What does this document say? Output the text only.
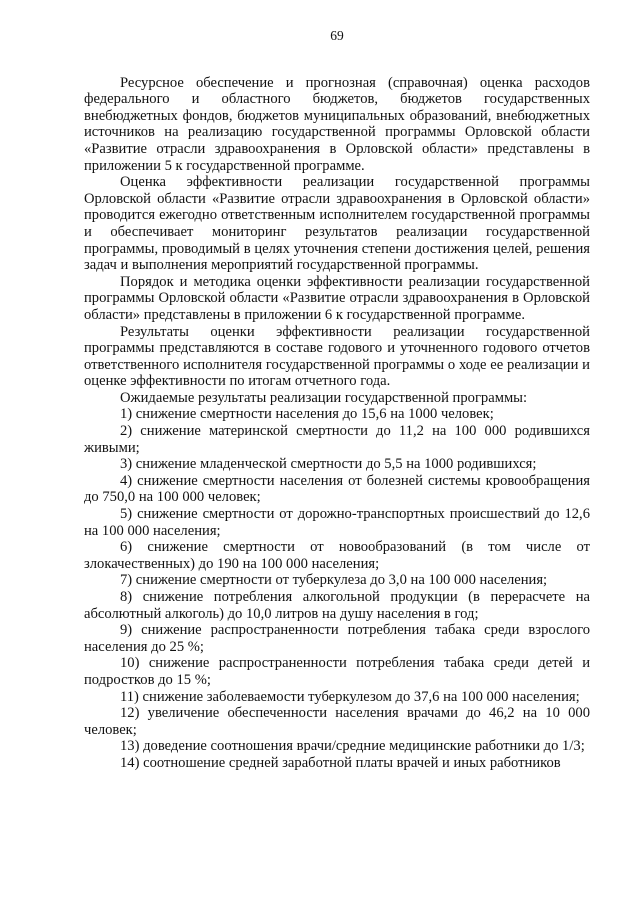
69

Ресурсное обеспечение и прогнозная (справочная) оценка расходов федерального и областного бюджетов, бюджетов государственных внебюджетных фондов, бюджетов муниципальных образований, внебюджетных источников на реализацию государственной программы Орловской области «Развитие отрасли здравоохранения в Орловской области» представлены в приложении 5 к государственной программе.

Оценка эффективности реализации государственной программы Орловской области «Развитие отрасли здравоохранения в Орловской области» проводится ежегодно ответственным исполнителем государственной программы и обеспечивает мониторинг результатов реализации государственной программы, проводимый в целях уточнения степени достижения целей, решения задач и выполнения мероприятий государственной программы.

Порядок и методика оценки эффективности реализации государственной программы Орловской области «Развитие отрасли здравоохранения в Орловской области» представлены в приложении 6 к государственной программе.

Результаты оценки эффективности реализации государственной программы представляются в составе годового и уточненного годового отчетов ответственного исполнителя государственной программы о ходе ее реализации и оценке эффективности по итогам отчетного года.

Ожидаемые результаты реализации государственной программы:

1) снижение смертности населения до 15,6 на 1000 человек;

2) снижение материнской смертности до 11,2 на 100 000 родившихся живыми;

3) снижение младенческой смертности до 5,5 на 1000 родившихся;

4) снижение смертности населения от болезней системы кровообращения до 750,0 на 100 000 человек;

5) снижение смертности от дорожно-транспортных происшествий до 12,6 на 100 000 населения;

6) снижение смертности от новообразований (в том числе от злокачественных) до 190 на 100 000 населения;

7) снижение смертности от туберкулеза до 3,0 на 100 000 населения;

8) снижение потребления алкогольной продукции (в перерасчете на абсолютный алкоголь) до 10,0 литров на душу населения в год;

9) снижение распространенности потребления табака среди взрослого населения до 25 %;

10) снижение распространенности потребления табака среди детей и подростков до 15 %;

11) снижение заболеваемости туберкулезом до 37,6 на 100 000 населения;

12) увеличение обеспеченности населения врачами до 46,2 на 10 000 человек;

13) доведение соотношения врачи/средние медицинские работники до 1/3;

14) соотношение средней заработной платы врачей и иных работников
